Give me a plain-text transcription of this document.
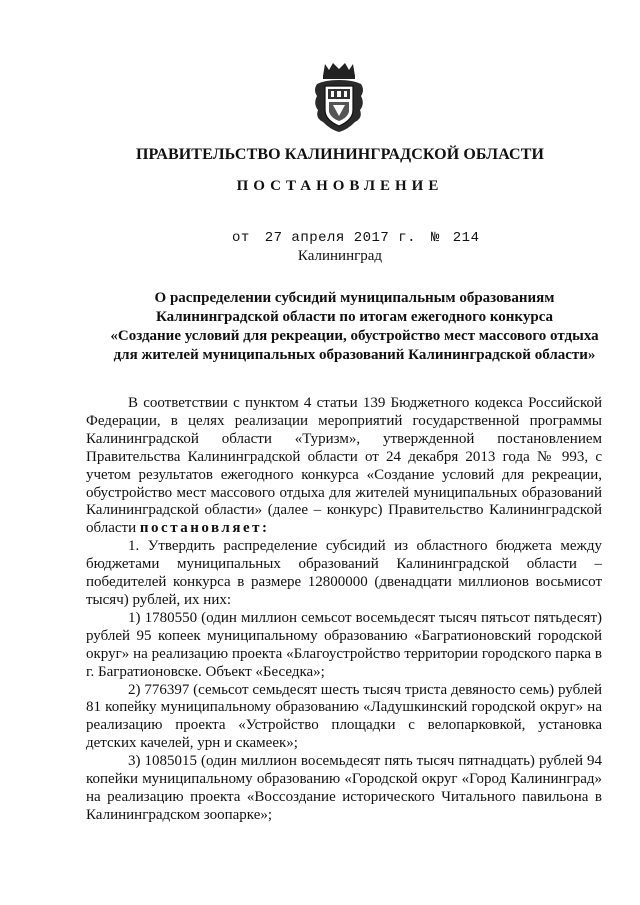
ПРАВИТЕЛЬСТВО КАЛИНИНГРАДСКОЙ ОБЛАСТИ
ПОСТАНОВЛЕНИЕ
от 27 апреля 2017 г. № 214
Калининград
О распределении субсидий муниципальным образованиям
Калининградской области по итогам ежегодного конкурса
«Создание условий для рекреации, обустройство мест массового отдыха
для жителей муниципальных образований Калининградской области»

В соответствии с пунктом 4 статьи 139 Бюджетного кодекса Российской Федерации, в целях реализации мероприятий государственной программы Калининградской области «Туризм», утвержденной постановлением Правительства Калининградской области от 24 декабря 2013 года № 993, с учетом результатов ежегодного конкурса «Создание условий для рекреации, обустройство мест массового отдыха для жителей муниципальных образований Калининградской области» (далее – конкурс) Правительство Калининградской области постановляет:

1. Утвердить распределение субсидий из областного бюджета между бюджетами муниципальных образований Калининградской области – победителей конкурса в размере 12800000 (двенадцати миллионов восьмисот тысяч) рублей, их них:

1) 1780550 (один миллион семьсот восемьдесят тысяч пятьсот пятьдесят) рублей 95 копеек муниципальному образованию «Багратионовский городской округ» на реализацию проекта «Благоустройство территории городского парка в г. Багратионовске. Объект «Беседка»;

2) 776397 (семьсот семьдесят шесть тысяч триста девяносто семь) рублей 81 копейку муниципальному образованию «Ладушкинский городской округ» на реализацию проекта «Устройство площадки с велопарковкой, установка детских качелей, урн и скамеек»;

3) 1085015 (один миллион восемьдесят пять тысяч пятнадцать) рублей 94 копейки муниципальному образованию «Городской округ «Город Калининград» на реализацию проекта «Воссоздание исторического Читального павильона в Калининградском зоопарке»;
